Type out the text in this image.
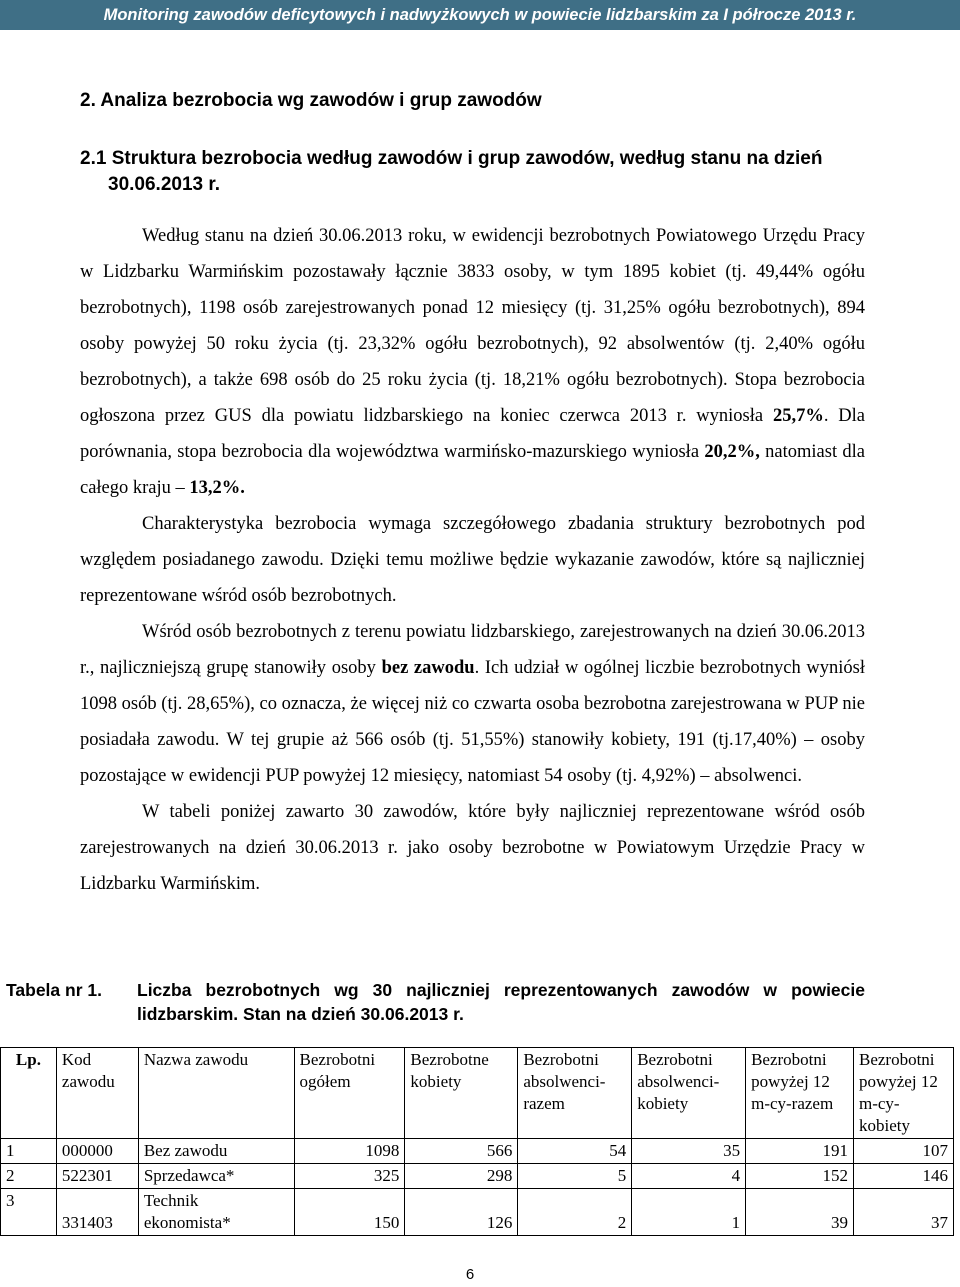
Monitoring zawodów deficytowych i nadwyżkowych w powiecie lidzbarskim za I półrocze 2013 r.
2. Analiza bezrobocia wg zawodów i grup zawodów
2.1 Struktura bezrobocia według zawodów i grup zawodów, według stanu na dzień
30.06.2013 r.

Według stanu na dzień 30.06.2013 roku, w ewidencji bezrobotnych Powiatowego Urzędu Pracy w Lidzbarku Warmińskim pozostawały łącznie 3833 osoby, w tym 1895 kobiet (tj. 49,44% ogółu bezrobotnych), 1198 osób zarejestrowanych ponad 12 miesięcy (tj. 31,25% ogółu bezrobotnych), 894 osoby powyżej 50 roku życia (tj. 23,32% ogółu bezrobotnych), 92 absolwentów (tj. 2,40% ogółu bezrobotnych), a także 698 osób do 25 roku życia (tj. 18,21% ogółu bezrobotnych). Stopa bezrobocia ogłoszona przez GUS dla powiatu lidzbarskiego na koniec czerwca 2013 r. wyniosła 25,7%. Dla porównania, stopa bezrobocia dla województwa warmińsko-mazurskiego wyniosła 20,2%, natomiast dla całego kraju – 13,2%.

Charakterystyka bezrobocia wymaga szczegółowego zbadania struktury bezrobotnych pod względem posiadanego zawodu. Dzięki temu możliwe będzie wykazanie zawodów, które są najliczniej reprezentowane wśród osób bezrobotnych.

Wśród osób bezrobotnych z terenu powiatu lidzbarskiego, zarejestrowanych na dzień 30.06.2013 r., najliczniejszą grupę stanowiły osoby bez zawodu. Ich udział w ogólnej liczbie bezrobotnych wyniósł 1098 osób (tj. 28,65%), co oznacza, że więcej niż co czwarta osoba bezrobotna zarejestrowana w PUP nie posiadała zawodu. W tej grupie aż 566 osób (tj. 51,55%) stanowiły kobiety, 191 (tj.17,40%) – osoby pozostające w ewidencji PUP powyżej 12 miesięcy, natomiast 54 osoby (tj. 4,92%) – absolwenci.

W tabeli poniżej zawarto 30 zawodów, które były najliczniej reprezentowane wśród osób zarejestrowanych na dzień 30.06.2013 r. jako osoby bezrobotne w Powiatowym Urzędzie Pracy w Lidzbarku Warmińskim.

Tabela nr 1. Liczba bezrobotnych wg 30 najliczniej reprezentowanych zawodów w powiecie lidzbarskim. Stan na dzień 30.06.2013 r.
Lp.	Kod zawodu	Nazwa zawodu	Bezrobotni ogółem	Bezrobotne kobiety	Bezrobotni absolwenci-razem	Bezrobotni absolwenci-kobiety	Bezrobotni powyżej 12 m-cy-razem	Bezrobotni powyżej 12 m-cy-kobiety
1	000000	Bez zawodu	1098	566	54	35	191	107
2	522301	Sprzedawca*	325	298	5	4	152	146
3	331403	Technik ekonomista*	150	126	2	1	39	37
6
